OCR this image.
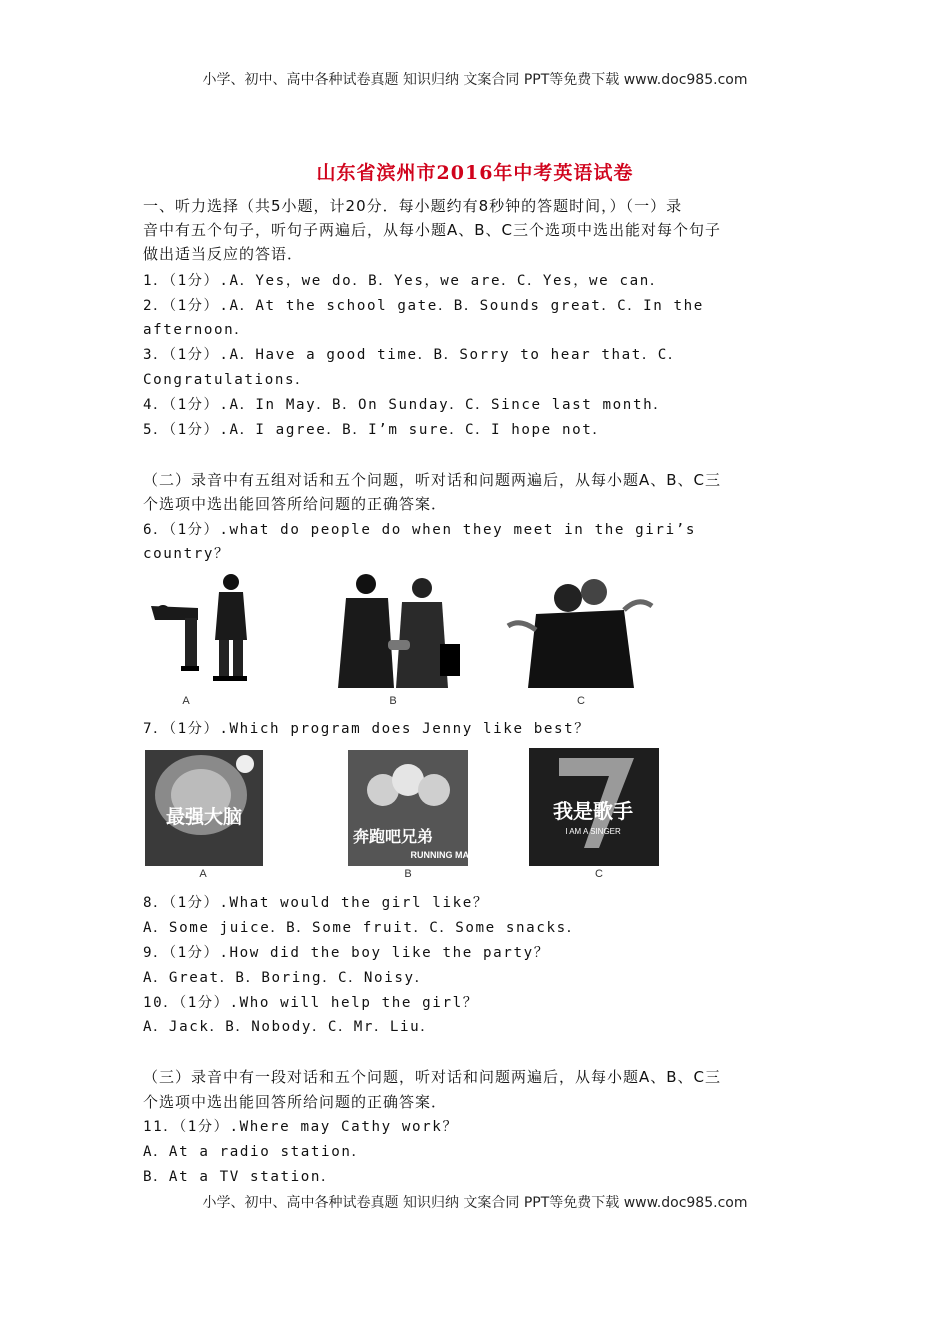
小学、初中、高中各种试卷真题 知识归纳 文案合同 PPT等免费下载 www.doc985.com
山东省滨州市2016年中考英语试卷
一、听力选择（共5小题，计20分．每小题约有8秒钟的答题时间，）（一）录
音中有五个句子，听句子两遍后，从每小题A、B、C三个选项中选出能对每个句子
做出适当反应的答语．
1．（1分）.A．Yes，we do．B．Yes，we are．C．Yes，we can．
2．（1分）.A．At the school gate．B．Sounds great．C．In the
afternoon．
3．（1分）.A．Have a good time．B．Sorry to hear that．C．
Congratulations．
4．（1分）.A．In May．B．On Sunday．C．Since last month．
5．（1分）.A．I agree．B．I’m sure．C．I hope not．
（二）录音中有五组对话和五个问题，听对话和问题两遍后，从每小题A、B、C三
个选项中选出能回答所给问题的正确答案．
6．（1分）.what do people do when they meet in the giri’s
country？
A	B	C
7．（1分）.Which program does Jenny like best？
最强大脑
奔跑吧兄弟
RUNNING MAN
我是歌手
I AM A SINGER
A	B	C
8．（1分）.What would the girl like？
A．Some juice．B．Some fruit．C．Some snacks．
9．（1分）.How did the boy like the party？
A．Great．B．Boring．C．Noisy．
10．（1分）.Who will help the girl？
A．Jack．B．Nobody．C．Mr．Liu．
（三）录音中有一段对话和五个问题，听对话和问题两遍后，从每小题A、B、C三
个选项中选出能回答所给问题的正确答案．
11．（1分）.Where may Cathy work？
A．At a radio station．
B．At a TV station．
小学、初中、高中各种试卷真题 知识归纳 文案合同 PPT等免费下载 www.doc985.com
